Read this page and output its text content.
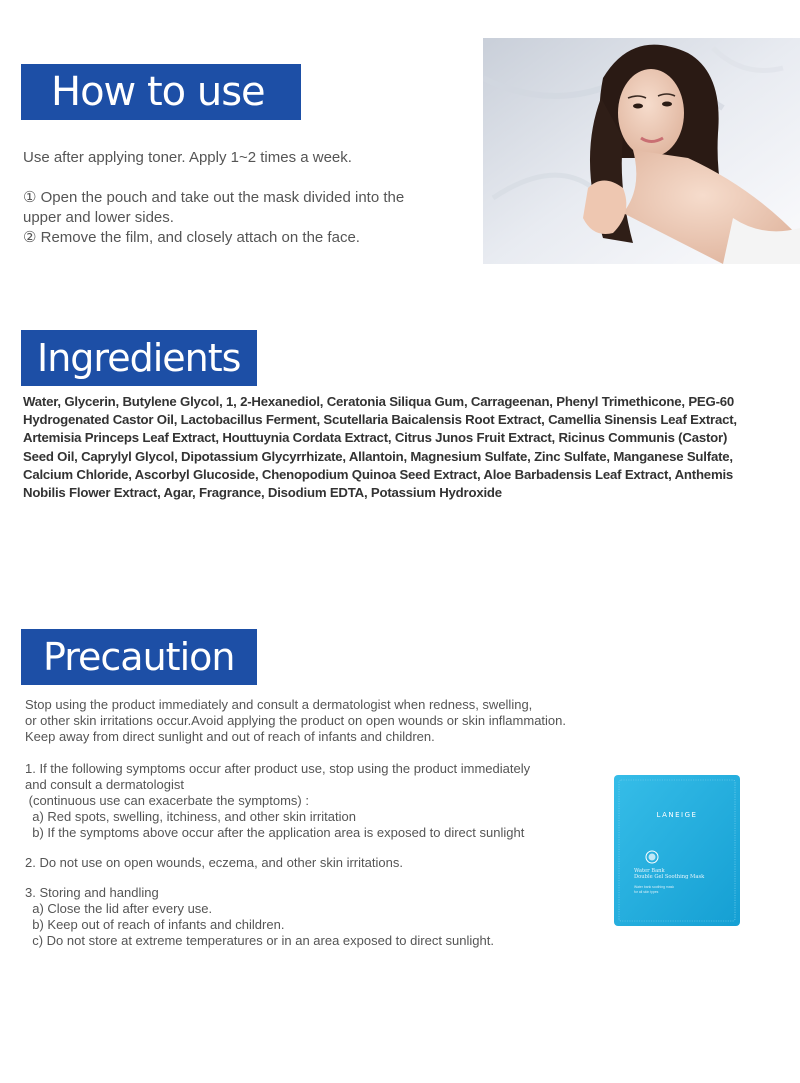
How to use

Use after applying toner. Apply 1~2 times a week.

① Open the pouch and take out the mask divided into the

upper and lower sides.

② Remove the film, and closely attach on the face.

Ingredients
Water, Glycerin, Butylene Glycol, 1, 2-Hexanediol, Ceratonia Siliqua Gum, Carrageenan, Phenyl Trimethicone, PEG-60
Hydrogenated Castor Oil, Lactobacillus Ferment, Scutellaria Baicalensis Root Extract, Camellia Sinensis Leaf Extract,
Artemisia Princeps Leaf Extract, Houttuynia Cordata Extract, Citrus Junos Fruit Extract, Ricinus Communis (Castor)
Seed Oil, Caprylyl Glycol, Dipotassium Glycyrrhizate, Allantoin, Magnesium Sulfate, Zinc Sulfate, Manganese Sulfate,
Calcium Chloride, Ascorbyl Glucoside, Chenopodium Quinoa Seed Extract, Aloe Barbadensis Leaf Extract, Anthemis
Nobilis Flower Extract, Agar, Fragrance, Disodium EDTA, Potassium Hydroxide
Precaution

Stop using the product immediately and consult a dermatologist when redness, swelling,

or other skin irritations occur.Avoid applying the product on open wounds or skin inflammation.

Keep away from direct sunlight and out of reach of infants and children.

1. If the following symptoms occur after product use, stop using the product immediately

and consult a dermatologist

(continuous use can exacerbate the symptoms) :

a) Red spots, swelling, itchiness, and other skin irritation

b) If the symptoms above occur after the application area is exposed to direct sunlight

2. Do not use on open wounds, eczema, and other skin irritations.

3. Storing and handling

a) Close the lid after every use.

b) Keep out of reach of infants and children.

c) Do not store at extreme temperatures or in an area exposed to direct sunlight.

LANEIGE
Water Bank
Double Gel Soothing Mask
Water bank soothing mask
for all skin types
